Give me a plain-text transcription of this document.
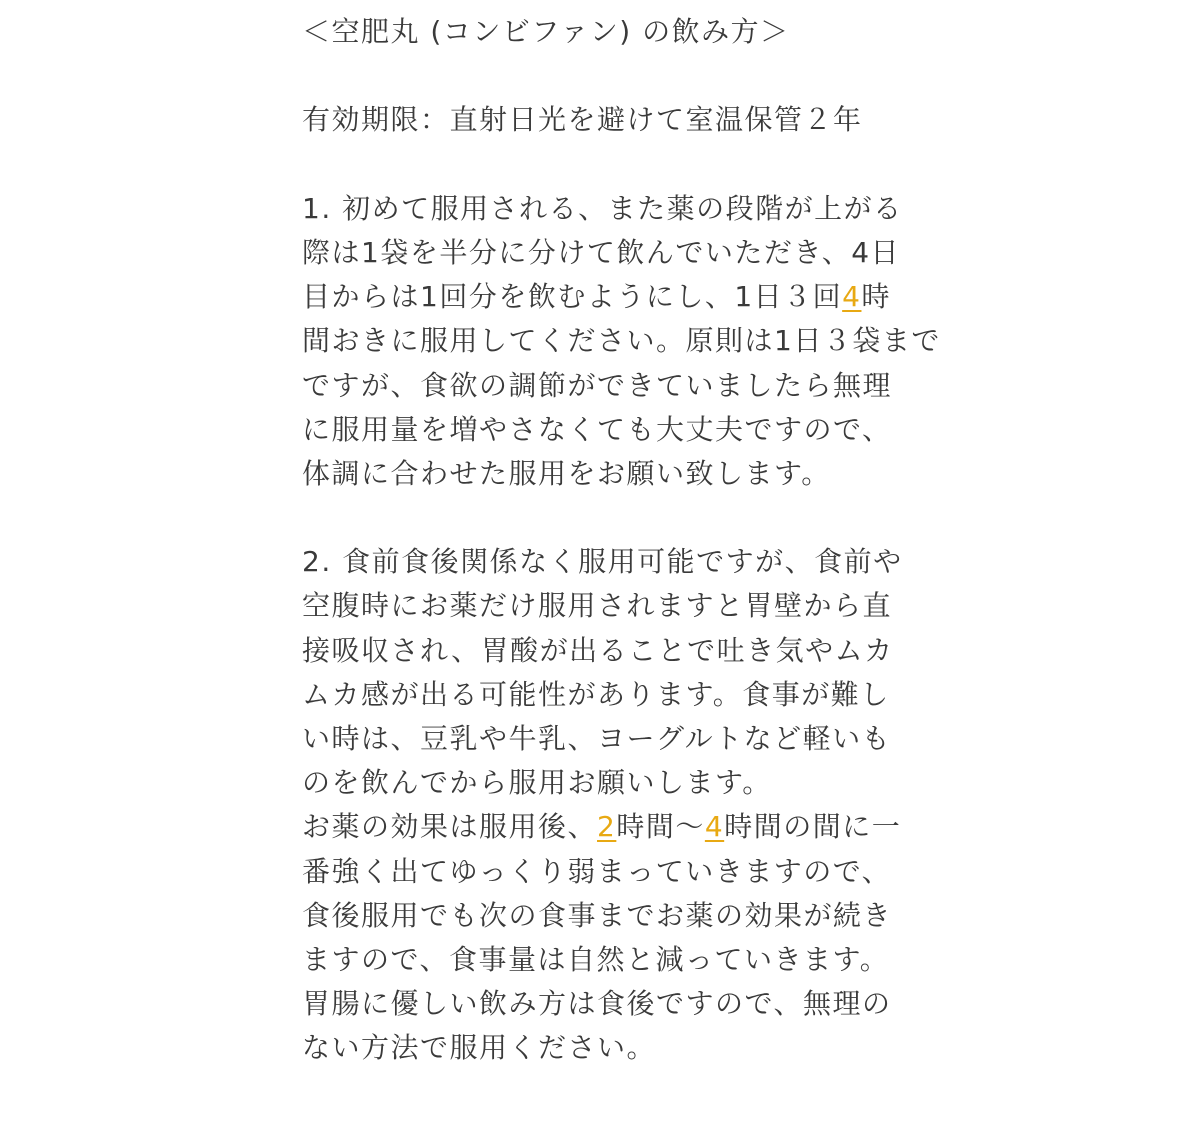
＜空肥丸 (コンビファン) の飲み方＞
有効期限：直射日光を避けて室温保管２年
1. 初めて服用される、また薬の段階が上がる
際は1袋を半分に分けて飲んでいただき、4日
目からは1回分を飲むようにし、1日３回4時
間おきに服用してください。原則は1日３袋まで
ですが、食欲の調節ができていましたら無理
に服用量を増やさなくても大丈夫ですので、
体調に合わせた服用をお願い致します。
2. 食前食後関係なく服用可能ですが、食前や
空腹時にお薬だけ服用されますと胃壁から直
接吸収され、胃酸が出ることで吐き気やムカ
ムカ感が出る可能性があります。食事が難し
い時は、豆乳や牛乳、ヨーグルトなど軽いも
のを飲んでから服用お願いします。
お薬の効果は服用後、2時間〜4時間の間に一
番強く出てゆっくり弱まっていきますので、
食後服用でも次の食事までお薬の効果が続き
ますので、食事量は自然と減っていきます。
胃腸に優しい飲み方は食後ですので、無理の
ない方法で服用ください。
